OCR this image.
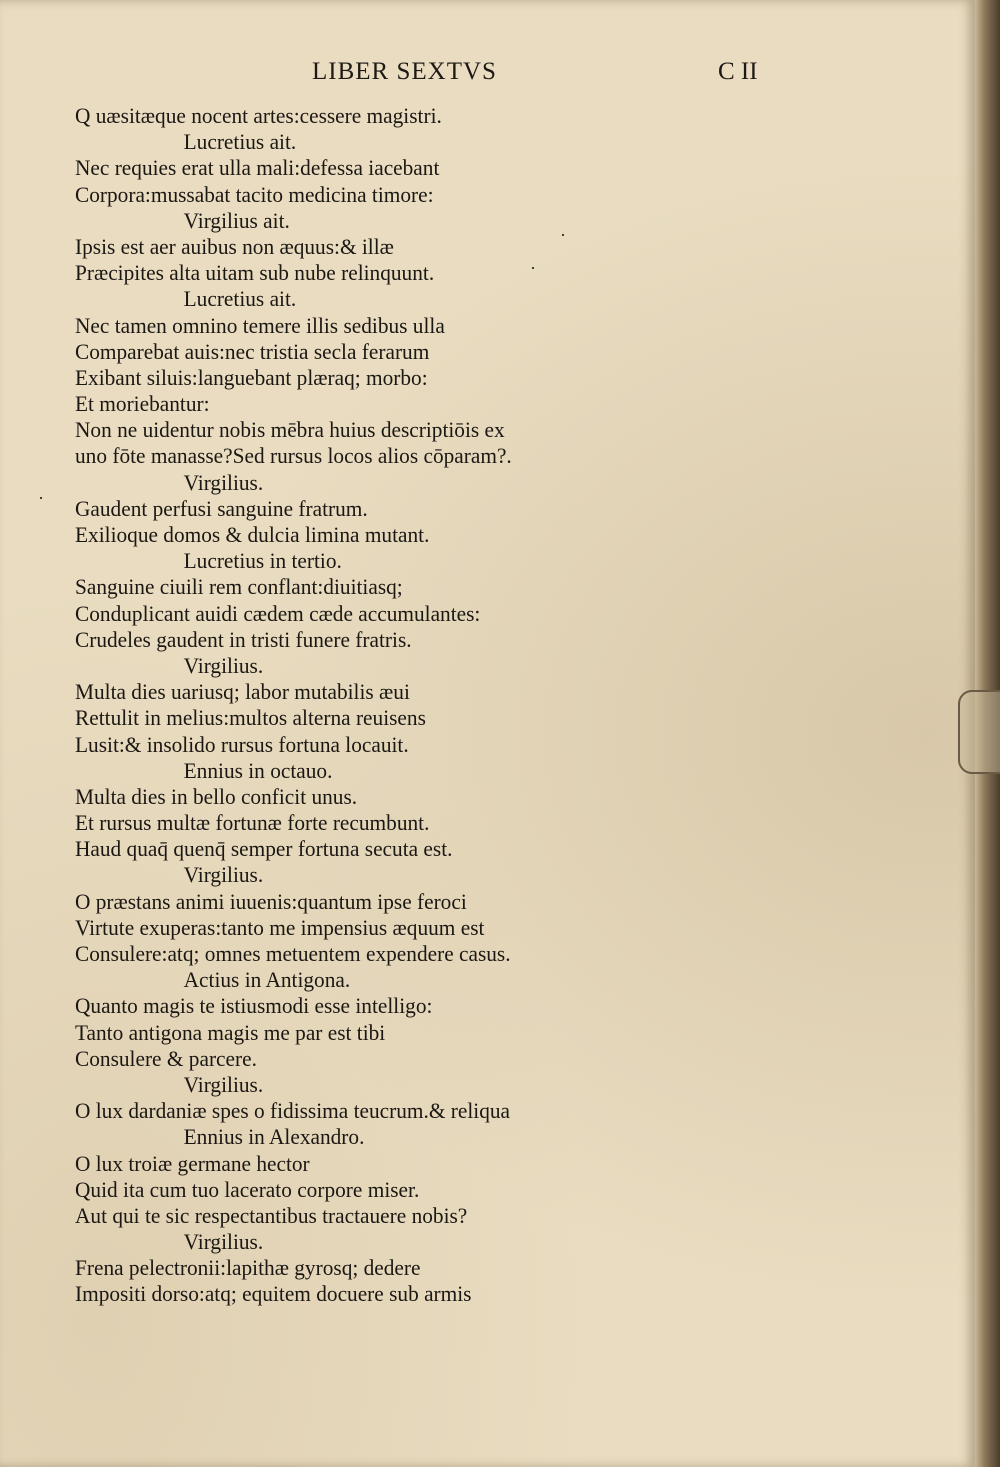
LIBER SEXTVS	C II
Q uæsitæque nocent artes:cessere magistri.
Lucretius ait.
Nec requies erat ulla mali:defessa iacebant
Corpora:mussabat tacito medicina timore:
Virgilius ait.
Ipsis est aer auibus non æquus:& illæ
Præcipites alta uitam sub nube relinquunt.
Lucretius ait.
Nec tamen omnino temere illis sedibus ulla
Comparebat auis:nec tristia secla ferarum
Exibant siluis:languebant plæraq; morbo:
Et moriebantur:
Non ne uidentur nobis mēbra huius descriptiōis ex
uno fōte manasse?Sed rursus locos alios cōparam?.
Virgilius.
Gaudent perfusi sanguine fratrum.
Exilioque domos & dulcia limina mutant.
Lucretius in tertio.
Sanguine ciuili rem conflant:diuitiasq;
Conduplicant auidi cædem cæde accumulantes:
Crudeles gaudent in tristi funere fratris.
Virgilius.
Multa dies uariusq; labor mutabilis æui
Rettulit in melius:multos alterna reuisens
Lusit:& insolido rursus fortuna locauit.
Ennius in octauo.
Multa dies in bello conficit unus.
Et rursus multæ fortunæ forte recumbunt.
Haud quaq̄ quenq̄ semper fortuna secuta est.
Virgilius.
O præstans animi iuuenis:quantum ipse feroci
Virtute exuperas:tanto me impensius æquum est
Consulere:atq; omnes metuentem expendere casus.
Actius in Antigona.
Quanto magis te istiusmodi esse intelligo:
Tanto antigona magis me par est tibi
Consulere & parcere.
Virgilius.
O lux dardaniæ spes o fidissima teucrum.& reliqua
Ennius in Alexandro.
O lux troiæ germane hector
Quid ita cum tuo lacerato corpore miser.
Aut qui te sic respectantibus tractauere nobis?
Virgilius.
Frena pelectronii:lapithæ gyrosq; dedere
Impositi dorso:atq; equitem docuere sub armis
·
·
·
